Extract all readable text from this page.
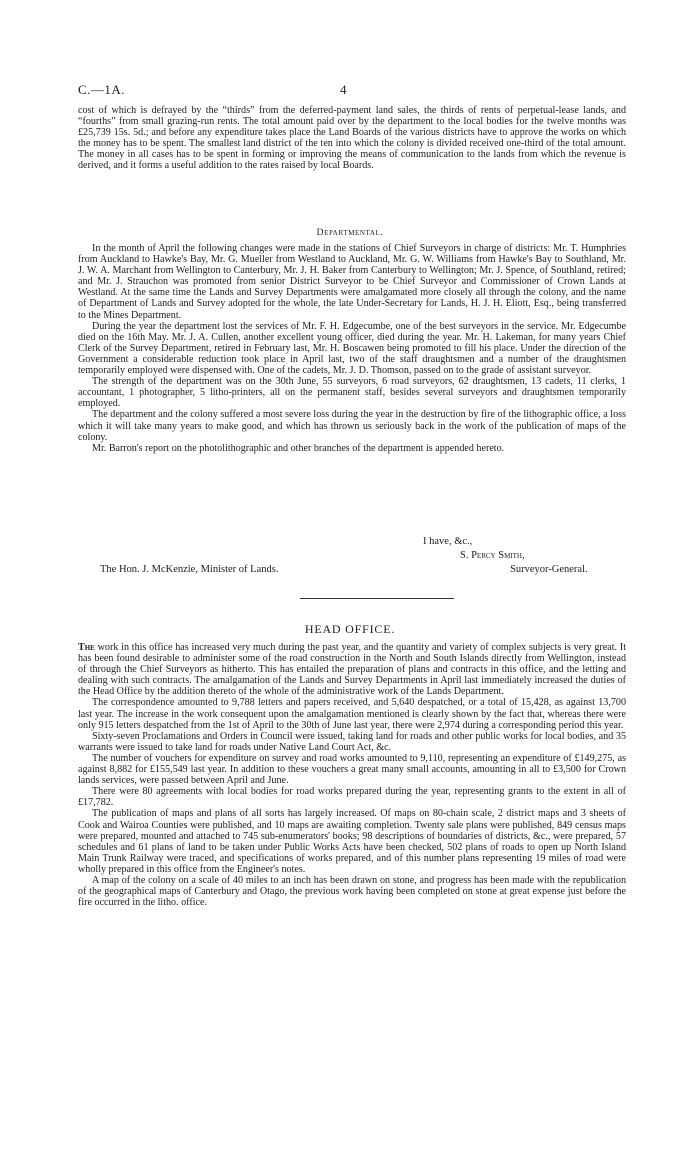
C.—1A.	4

cost of which is defrayed by the “thirds” from the deferred-payment land sales, the thirds of rents of perpetual-lease lands, and “fourths” from small grazing-run rents. The total amount paid over by the department to the local bodies for the twelve months was £25,739 15s. 5d.; and before any expenditure takes place the Land Boards of the various districts have to approve the works on which the money has to be spent. The smallest land district of the ten into which the colony is divided received one-third of the total amount. The money in all cases has to be spent in forming or improving the means of communication to the lands from which the revenue is derived, and it forms a useful addition to the rates raised by local Boards.

Departmental.

In the month of April the following changes were made in the stations of Chief Surveyors in charge of districts: Mr. T. Humphries from Auckland to Hawke's Bay, Mr. G. Mueller from Westland to Auckland, Mr. G. W. Williams from Hawke's Bay to Southland, Mr. J. W. A. Marchant from Wellington to Canterbury, Mr. J. H. Baker from Canterbury to Wellington; Mr. J. Spence, of Southland, retired; and Mr. J. Strauchon was promoted from senior District Surveyor to be Chief Surveyor and Commissioner of Crown Lands at Westland. At the same time the Lands and Survey Departments were amalgamated more closely all through the colony, and the name of Department of Lands and Survey adopted for the whole, the late Under-Secretary for Lands, H. J. H. Eliott, Esq., being transferred to the Mines Department.

During the year the department lost the services of Mr. F. H. Edgecumbe, one of the best surveyors in the service. Mr. Edgecumbe died on the 16th May. Mr. J. A. Cullen, another excellent young officer, died during the year. Mr. H. Lakeman, for many years Chief Clerk of the Survey Department, retired in February last, Mr. H. Boscawen being promoted to fill his place. Under the direction of the Government a considerable reduction took place in April last, two of the staff draughtsmen and a number of the draughtsmen temporarily employed were dispensed with. One of the cadets, Mr. J. D. Thomson, passed on to the grade of assistant surveyor.

The strength of the department was on the 30th June, 55 surveyors, 6 road surveyors, 62 draughtsmen, 13 cadets, 11 clerks, 1 accountant, 1 photographer, 5 litho-printers, all on the permanent staff, besides several surveyors and draughtsmen temporarily employed.

The department and the colony suffered a most severe loss during the year in the destruction by fire of the lithographic office, a loss which it will take many years to make good, and which has thrown us seriously back in the work of the publication of maps of the colony.

Mr. Barron's report on the photolithographic and other branches of the department is appended hereto.

I have, &c.,
S. Percy Smith,
The Hon. J. McKenzie, Minister of Lands.	Surveyor-General.
HEAD OFFICE.

The work in this office has increased very much during the past year, and the quantity and variety of complex subjects is very great. It has been found desirable to administer some of the road construction in the North and South Islands directly from Wellington, instead of through the Chief Surveyors as hitherto. This has entailed the preparation of plans and contracts in this office, and the letting and dealing with such contracts. The amalgamation of the Lands and Survey Departments in April last immediately increased the duties of the Head Office by the addition thereto of the whole of the administrative work of the Lands Department.

The correspondence amounted to 9,788 letters and papers received, and 5,640 despatched, or a total of 15,428, as against 13,700 last year. The increase in the work consequent upon the amalgamation mentioned is clearly shown by the fact that, whereas there were only 915 letters despatched from the 1st of April to the 30th of June last year, there were 2,974 during a corresponding period this year.

Sixty-seven Proclamations and Orders in Council were issued, taking land for roads and other public works for local bodies, and 35 warrants were issued to take land for roads under Native Land Court Act, &c.

The number of vouchers for expenditure on survey and road works amounted to 9,110, representing an expenditure of £149,275, as against 8,882 for £155,549 last year. In addition to these vouchers a great many small accounts, amounting in all to £3,500 for Crown lands services, were passed between April and June.

There were 80 agreements with local bodies for road works prepared during the year, representing grants to the extent in all of £17,782.

The publication of maps and plans of all sorts has largely increased. Of maps on 80-chain scale, 2 district maps and 3 sheets of Cook and Wairoa Counties were published, and 10 maps are awaiting completion. Twenty sale plans were published, 849 census maps were prepared, mounted and attached to 745 sub-enumerators' books; 98 descriptions of boundaries of districts, &c., were prepared, 57 schedules and 61 plans of land to be taken under Public Works Acts have been checked, 502 plans of roads to open up North Island Main Trunk Railway were traced, and specifications of works prepared, and of this number plans representing 19 miles of road were wholly prepared in this office from the Engineer's notes.

A map of the colony on a scale of 40 miles to an inch has been drawn on stone, and progress has been made with the republication of the geographical maps of Canterbury and Otago, the previous work having been completed on stone at great expense just before the fire occurred in the litho. office.
